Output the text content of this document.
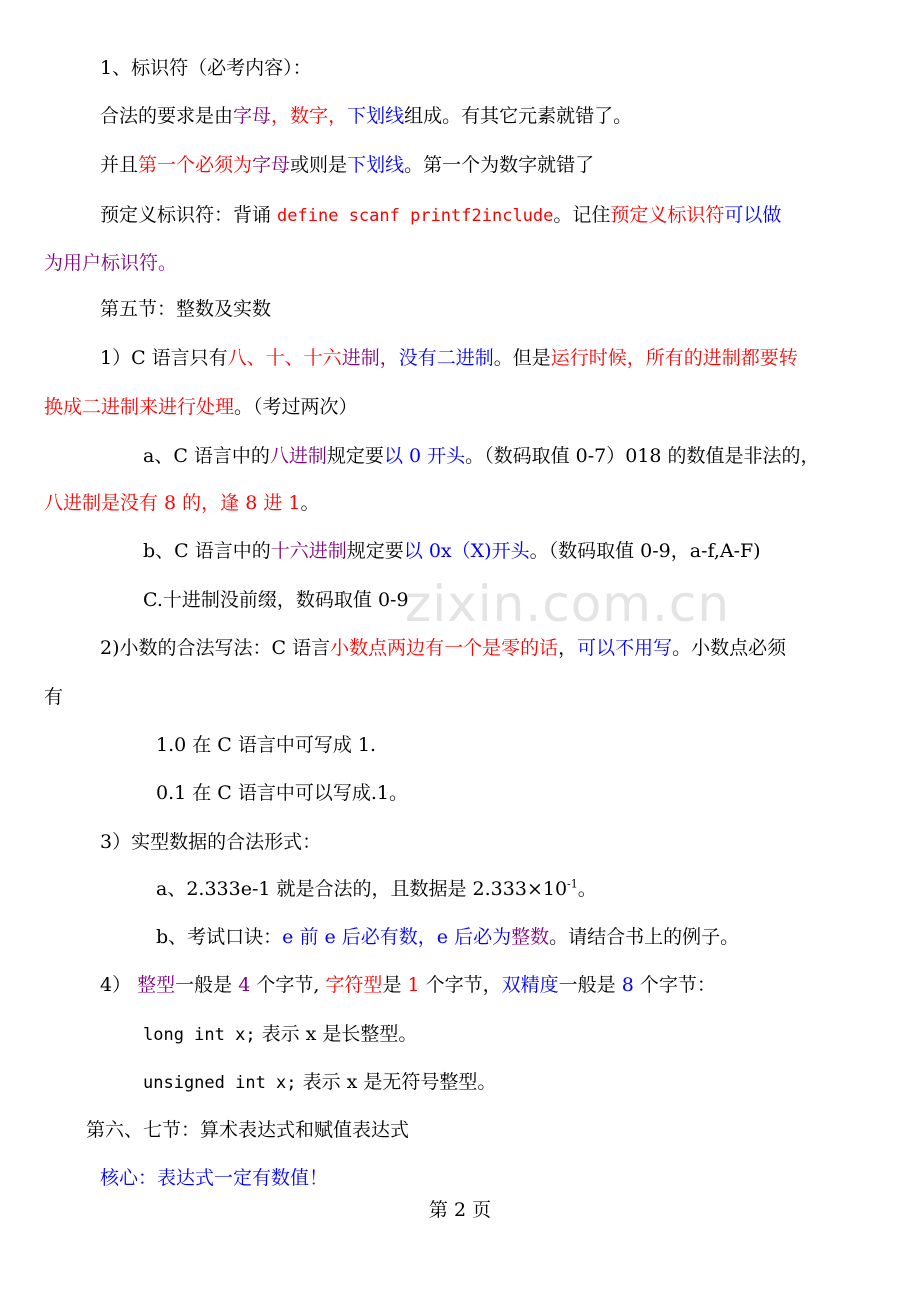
zixin.com.cn
1、标识符（必考内容）：
合法的要求是由字母，数字，下划线组成。有其它元素就错了。
并且第一个必须为字母或则是下划线。第一个为数字就错了
预定义标识符：背诵 define scanf printf2include。记住预定义标识符可以做
为用户标识符。
第五节：整数及实数
1）C 语言只有八、十、十六进制，没有二进制。但是运行时候，所有的进制都要转
换成二进制来进行处理。（考过两次）
a、C 语言中的八进制规定要以 0 开头。（数码取值 0-7）018 的数值是非法的，
八进制是没有 8 的，逢 8 进 1。
b、C 语言中的十六进制规定要以 0x（X)开头。（数码取值 0-9，a-f,A-F)
C.十进制没前缀，数码取值 0-9
2)小数的合法写法：C 语言小数点两边有一个是零的话，可以不用写。小数点必须
有
1.0 在 C 语言中可写成 1.
0.1 在 C 语言中可以写成.1。
3）实型数据的合法形式：
a、2.333e-1 就是合法的，且数据是 $2.333\times 10^{-1}$。
b、考试口诀：e 前 e 后必有数，e 后必为整数。请结合书上的例子。
4） 整型一般是 4 个字节, 字符型是 1 个字节，双精度一般是 8 个字节：
long int x; 表示 x 是长整型。
unsigned int x; 表示 x 是无符号整型。
第六、七节：算术表达式和赋值表达式
核心：表达式一定有数值！
第 2 页
